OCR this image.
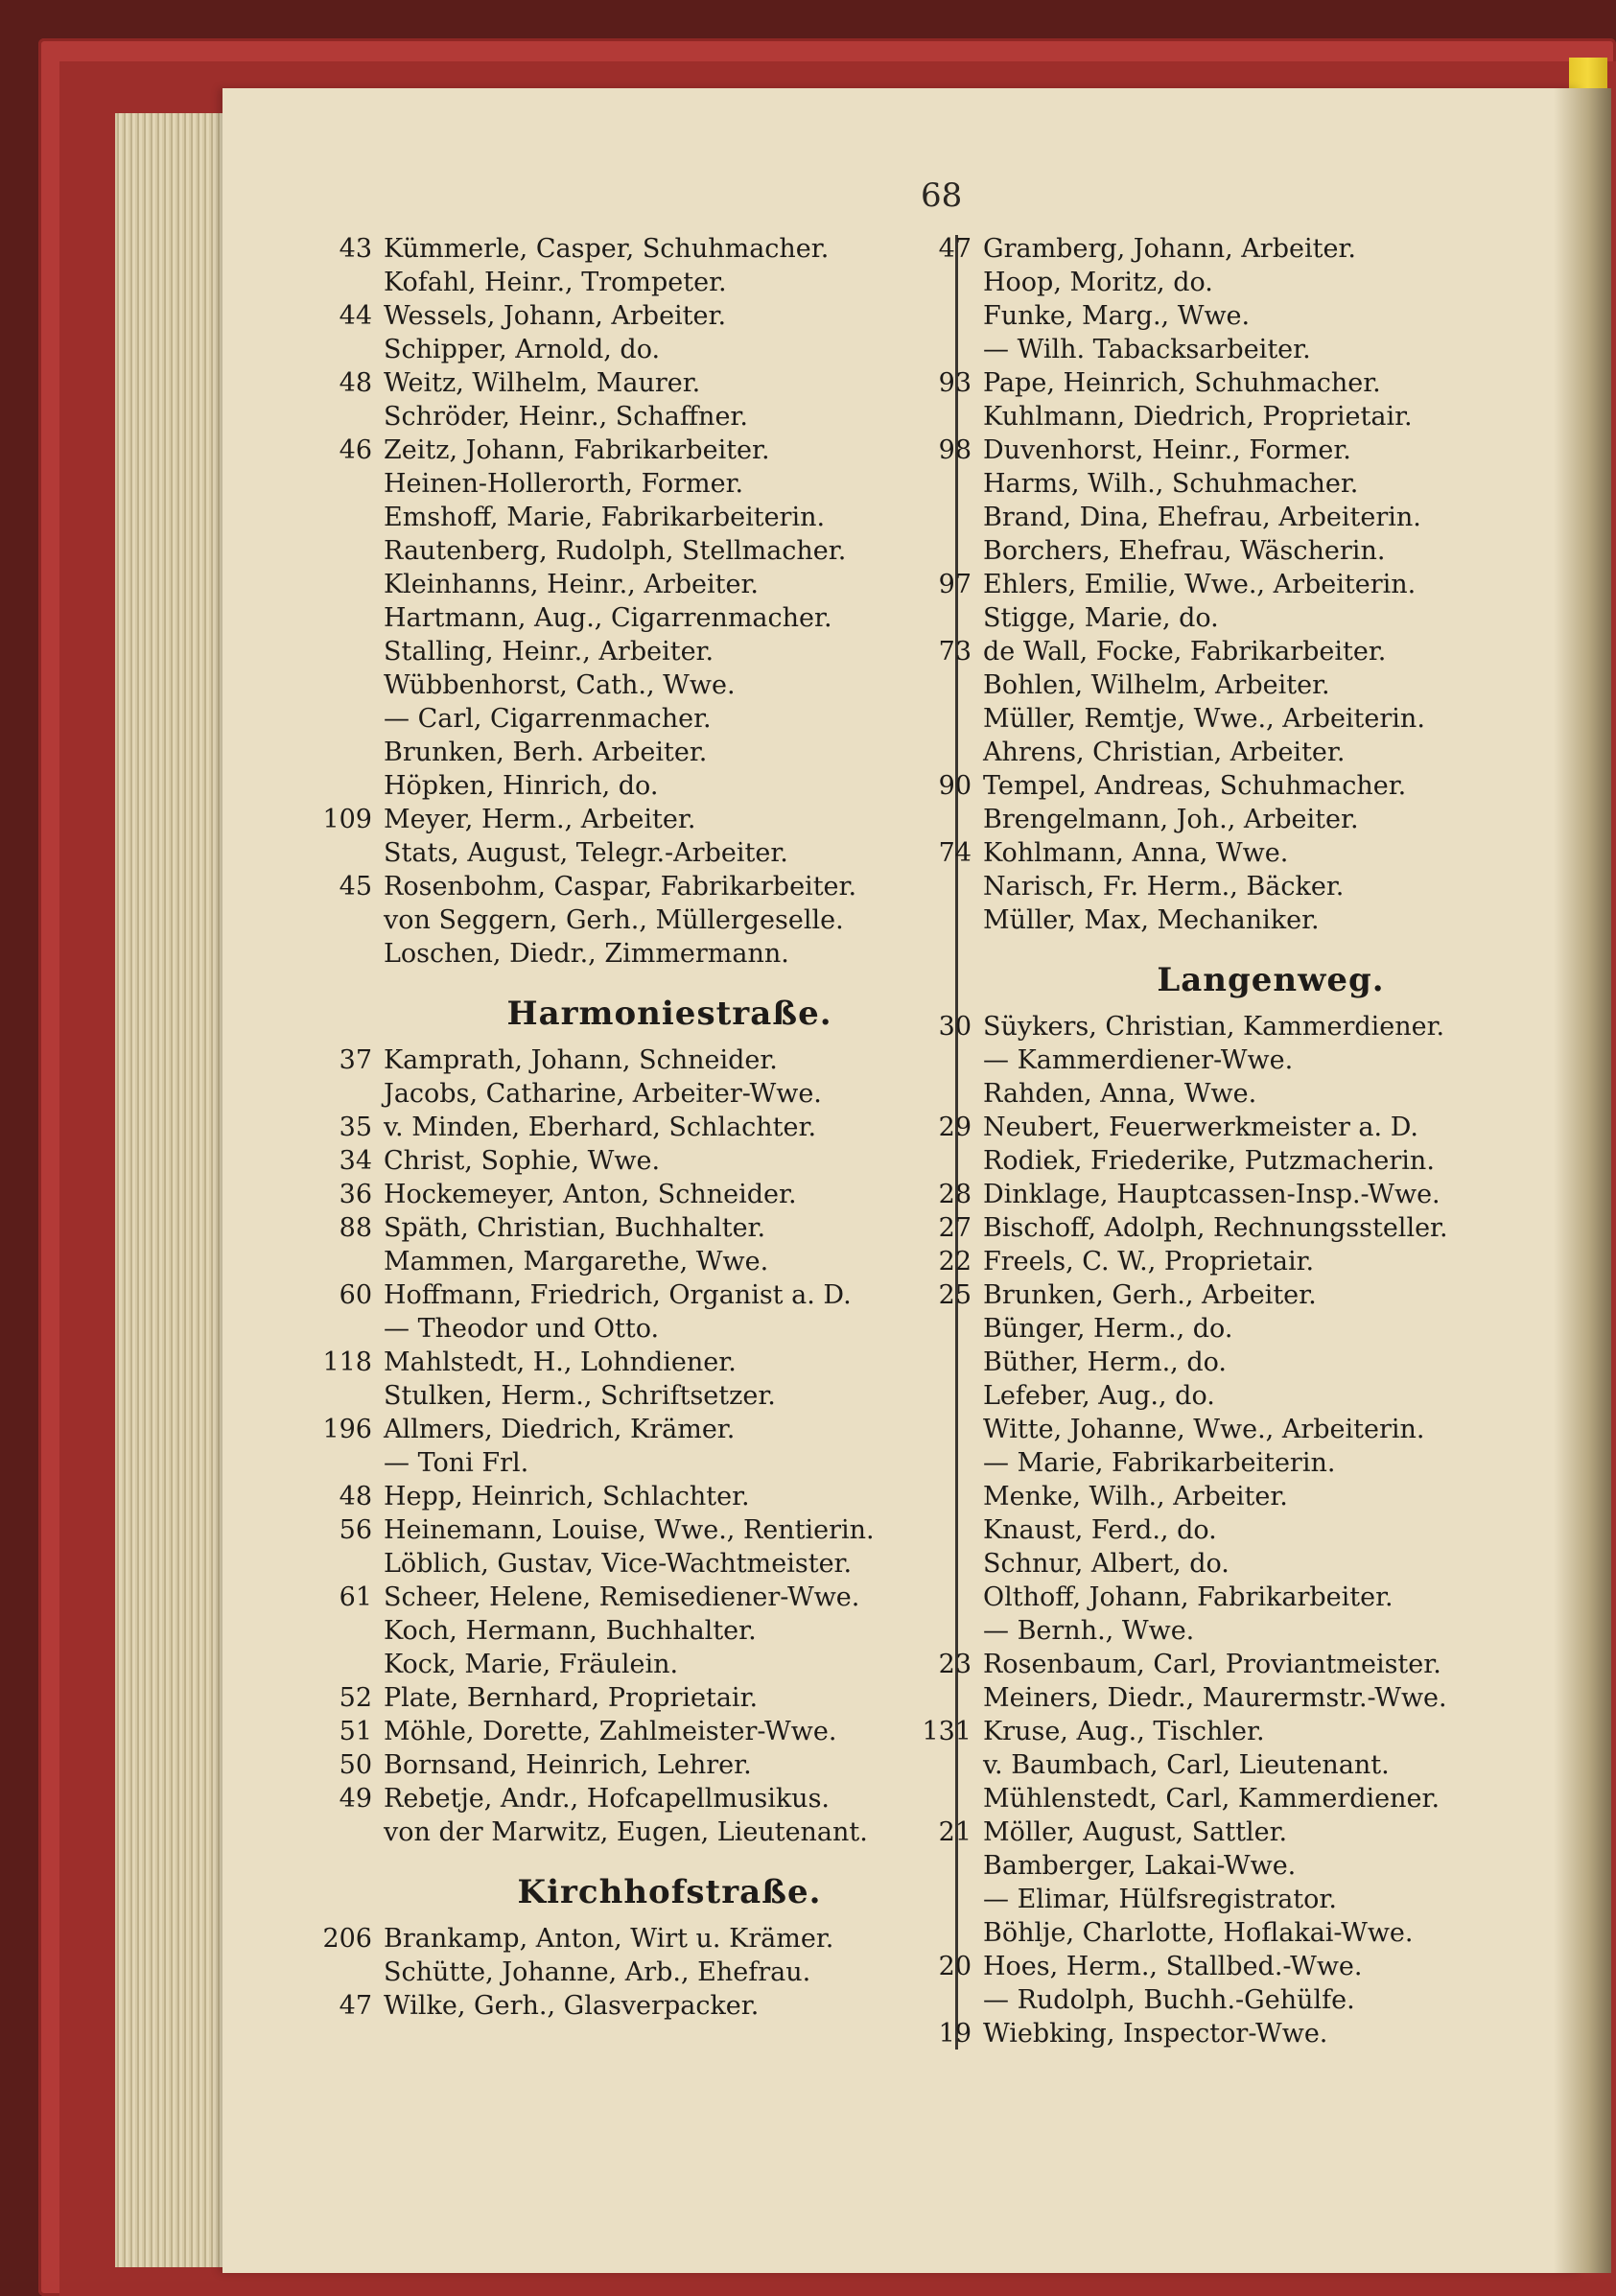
68
43 Kümmerle, Casper, Schuhmacher.
Kofahl, Heinr., Trompeter.
44 Wessels, Johann, Arbeiter.
Schipper, Arnold, do.
48 Weitz, Wilhelm, Maurer.
Schröder, Heinr., Schaffner.
46 Zeitz, Johann, Fabrikarbeiter.
Heinen-Hollerorth, Former.
Emshoff, Marie, Fabrikarbeiterin.
Rautenberg, Rudolph, Stellmacher.
Kleinhanns, Heinr., Arbeiter.
Hartmann, Aug., Cigarrenmacher.
Stalling, Heinr., Arbeiter.
Wübbenhorst, Cath., Wwe.
— Carl, Cigarrenmacher.
Brunken, Berh. Arbeiter.
Höpken, Hinrich, do.
109 Meyer, Herm., Arbeiter.
Stats, August, Telegr.-Arbeiter.
45 Rosenbohm, Caspar, Fabrikarbeiter.
von Seggern, Gerh., Müllergeselle.
Loschen, Diedr., Zimmermann.
Harmoniestraße.
37 Kamprath, Johann, Schneider.
Jacobs, Catharine, Arbeiter-Wwe.
35 v. Minden, Eberhard, Schlachter.
34 Christ, Sophie, Wwe.
36 Hockemeyer, Anton, Schneider.
88 Späth, Christian, Buchhalter.
Mammen, Margarethe, Wwe.
60 Hoffmann, Friedrich, Organist a. D.
— Theodor und Otto.
118 Mahlstedt, H., Lohndiener.
Stulken, Herm., Schriftsetzer.
196 Allmers, Diedrich, Krämer.
— Toni Frl.
48 Hepp, Heinrich, Schlachter.
56 Heinemann, Louise, Wwe., Rentierin.
Löblich, Gustav, Vice-Wachtmeister.
61 Scheer, Helene, Remisediener-Wwe.
Koch, Hermann, Buchhalter.
Kock, Marie, Fräulein.
52 Plate, Bernhard, Proprietair.
51 Möhle, Dorette, Zahlmeister-Wwe.
50 Bornsand, Heinrich, Lehrer.
49 Rebetje, Andr., Hofcapellmusikus.
von der Marwitz, Eugen, Lieutenant.
Kirchhofstraße.
206 Brankamp, Anton, Wirt u. Krämer.
Schütte, Johanne, Arb., Ehefrau.
47 Wilke, Gerh., Glasverpacker.
47 Gramberg, Johann, Arbeiter.
Hoop, Moritz, do.
Funke, Marg., Wwe.
— Wilh. Tabacksarbeiter.
93 Pape, Heinrich, Schuhmacher.
Kuhlmann, Diedrich, Proprietair.
98 Duvenhorst, Heinr., Former.
Harms, Wilh., Schuhmacher.
Brand, Dina, Ehefrau, Arbeiterin.
Borchers, Ehefrau, Wäscherin.
97 Ehlers, Emilie, Wwe., Arbeiterin.
Stigge, Marie, do.
73 de Wall, Focke, Fabrikarbeiter.
Bohlen, Wilhelm, Arbeiter.
Müller, Remtje, Wwe., Arbeiterin.
Ahrens, Christian, Arbeiter.
90 Tempel, Andreas, Schuhmacher.
Brengelmann, Joh., Arbeiter.
74 Kohlmann, Anna, Wwe.
Narisch, Fr. Herm., Bäcker.
Müller, Max, Mechaniker.
Langenweg.
30 Süykers, Christian, Kammerdiener.
— Kammerdiener-Wwe.
Rahden, Anna, Wwe.
29 Neubert, Feuerwerkmeister a. D.
Rodiek, Friederike, Putzmacherin.
28 Dinklage, Hauptcassen-Insp.-Wwe.
27 Bischoff, Adolph, Rechnungssteller.
22 Freels, C. W., Proprietair.
25 Brunken, Gerh., Arbeiter.
Bünger, Herm., do.
Büther, Herm., do.
Lefeber, Aug., do.
Witte, Johanne, Wwe., Arbeiterin.
— Marie, Fabrikarbeiterin.
Menke, Wilh., Arbeiter.
Knaust, Ferd., do.
Schnur, Albert, do.
Olthoff, Johann, Fabrikarbeiter.
— Bernh., Wwe.
23 Rosenbaum, Carl, Proviantmeister.
Meiners, Diedr., Maurermstr.-Wwe.
131 Kruse, Aug., Tischler.
v. Baumbach, Carl, Lieutenant.
Mühlenstedt, Carl, Kammerdiener.
21 Möller, August, Sattler.
Bamberger, Lakai-Wwe.
— Elimar, Hülfsregistrator.
Böhlje, Charlotte, Hoflakai-Wwe.
20 Hoes, Herm., Stallbed.-Wwe.
— Rudolph, Buchh.-Gehülfe.
19 Wiebking, Inspector-Wwe.
